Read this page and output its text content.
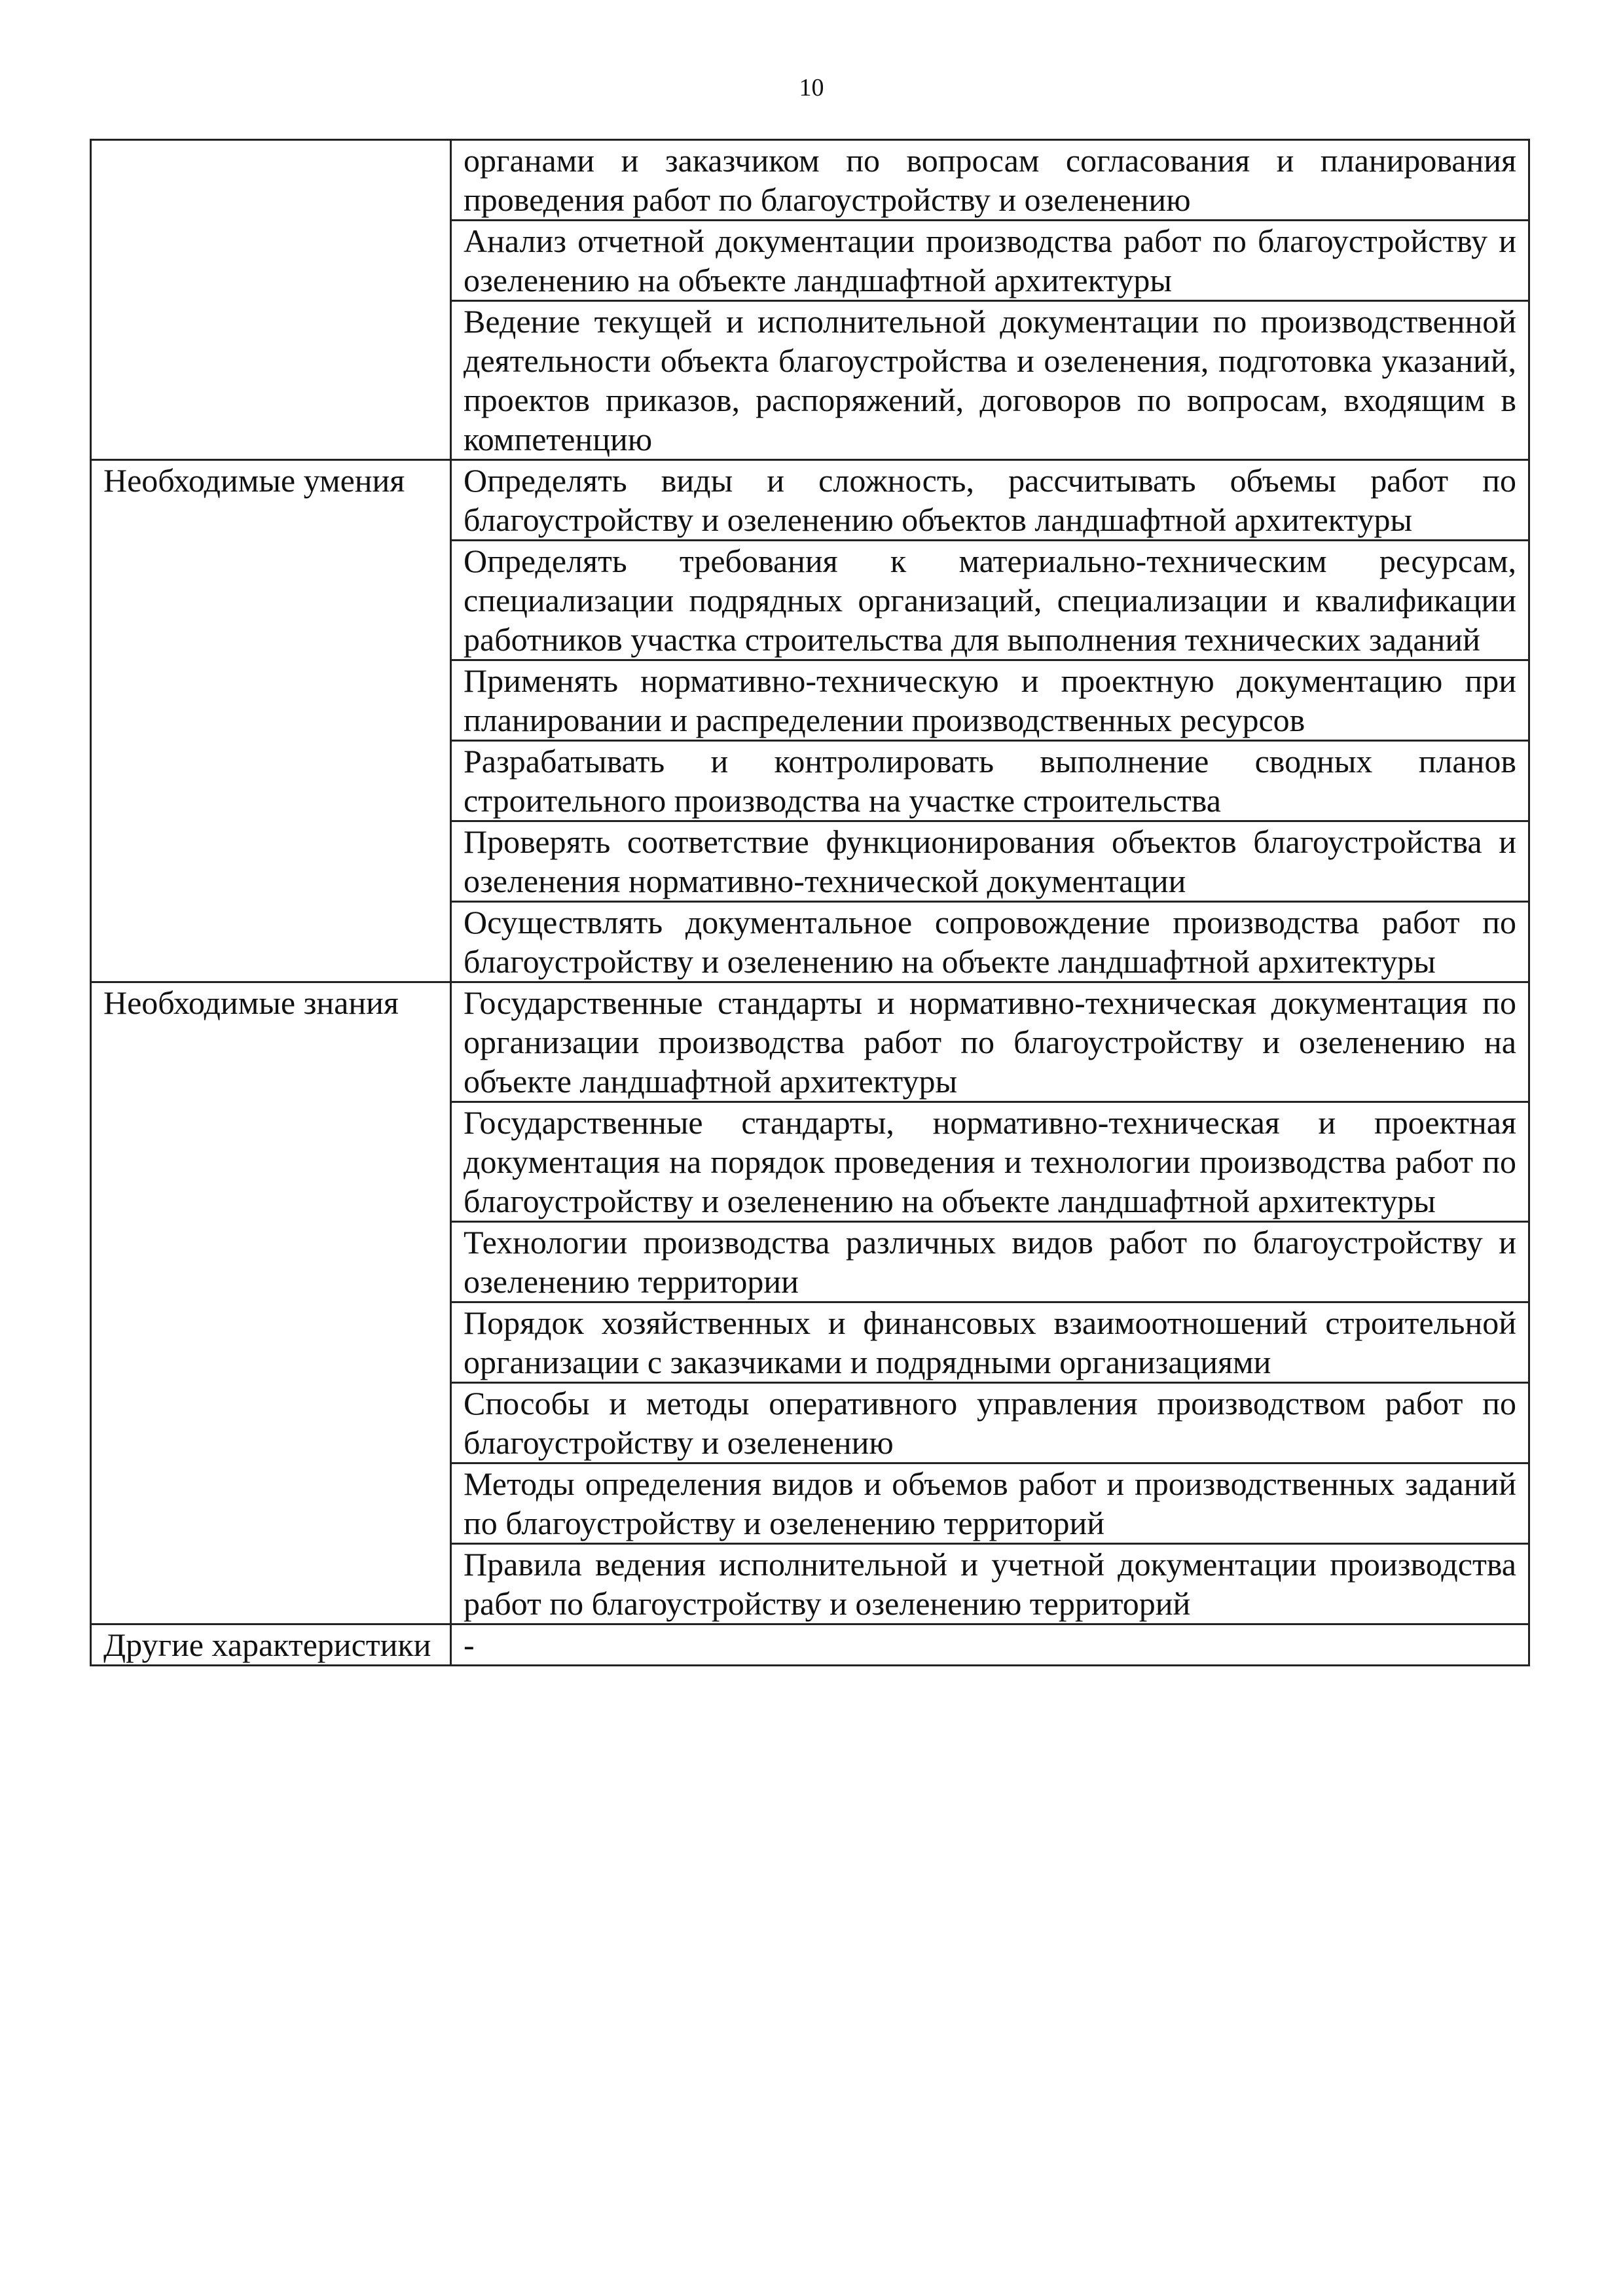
10
	органами и заказчиком по вопросам согласования и планирования проведения работ по благоустройству и озеленению
	Анализ отчетной документации производства работ по благоустройству и озеленению на объекте ландшафтной архитектуры
	Ведение текущей и исполнительной документации по производственной деятельности объекта благоустройства и озеленения, подготовка указаний, проектов приказов, распоряжений, договоров по вопросам, входящим в компетенцию
Необходимые умения	Определять виды и сложность, рассчитывать объемы работ по благоустройству и озеленению объектов ландшафтной архитектуры
	Определять требования к материально-техническим ресурсам, специализации подрядных организаций, специализации и квалификации работников участка строительства для выполнения технических заданий
	Применять нормативно-техническую и проектную документацию при планировании и распределении производственных ресурсов
	Разрабатывать и контролировать выполнение сводных планов строительного производства на участке строительства
	Проверять соответствие функционирования объектов благоустройства и озеленения нормативно-технической документации
	Осуществлять документальное сопровождение производства работ по благоустройству и озеленению на объекте ландшафтной архитектуры
Необходимые знания	Государственные стандарты и нормативно-техническая документация по организации производства работ по благоустройству и озеленению на объекте ландшафтной архитектуры
	Государственные стандарты, нормативно-техническая и проектная документация на порядок проведения и технологии производства работ по благоустройству и озеленению на объекте ландшафтной архитектуры
	Технологии производства различных видов работ по благоустройству и озеленению территории
	Порядок хозяйственных и финансовых взаимоотношений строительной организации с заказчиками и подрядными организациями
	Способы и методы оперативного управления производством работ по благоустройству и озеленению
	Методы определения видов и объемов работ и производственных заданий по благоустройству и озеленению территорий
	Правила ведения исполнительной и учетной документации производства работ по благоустройству и озеленению территорий
Другие характеристики	-
